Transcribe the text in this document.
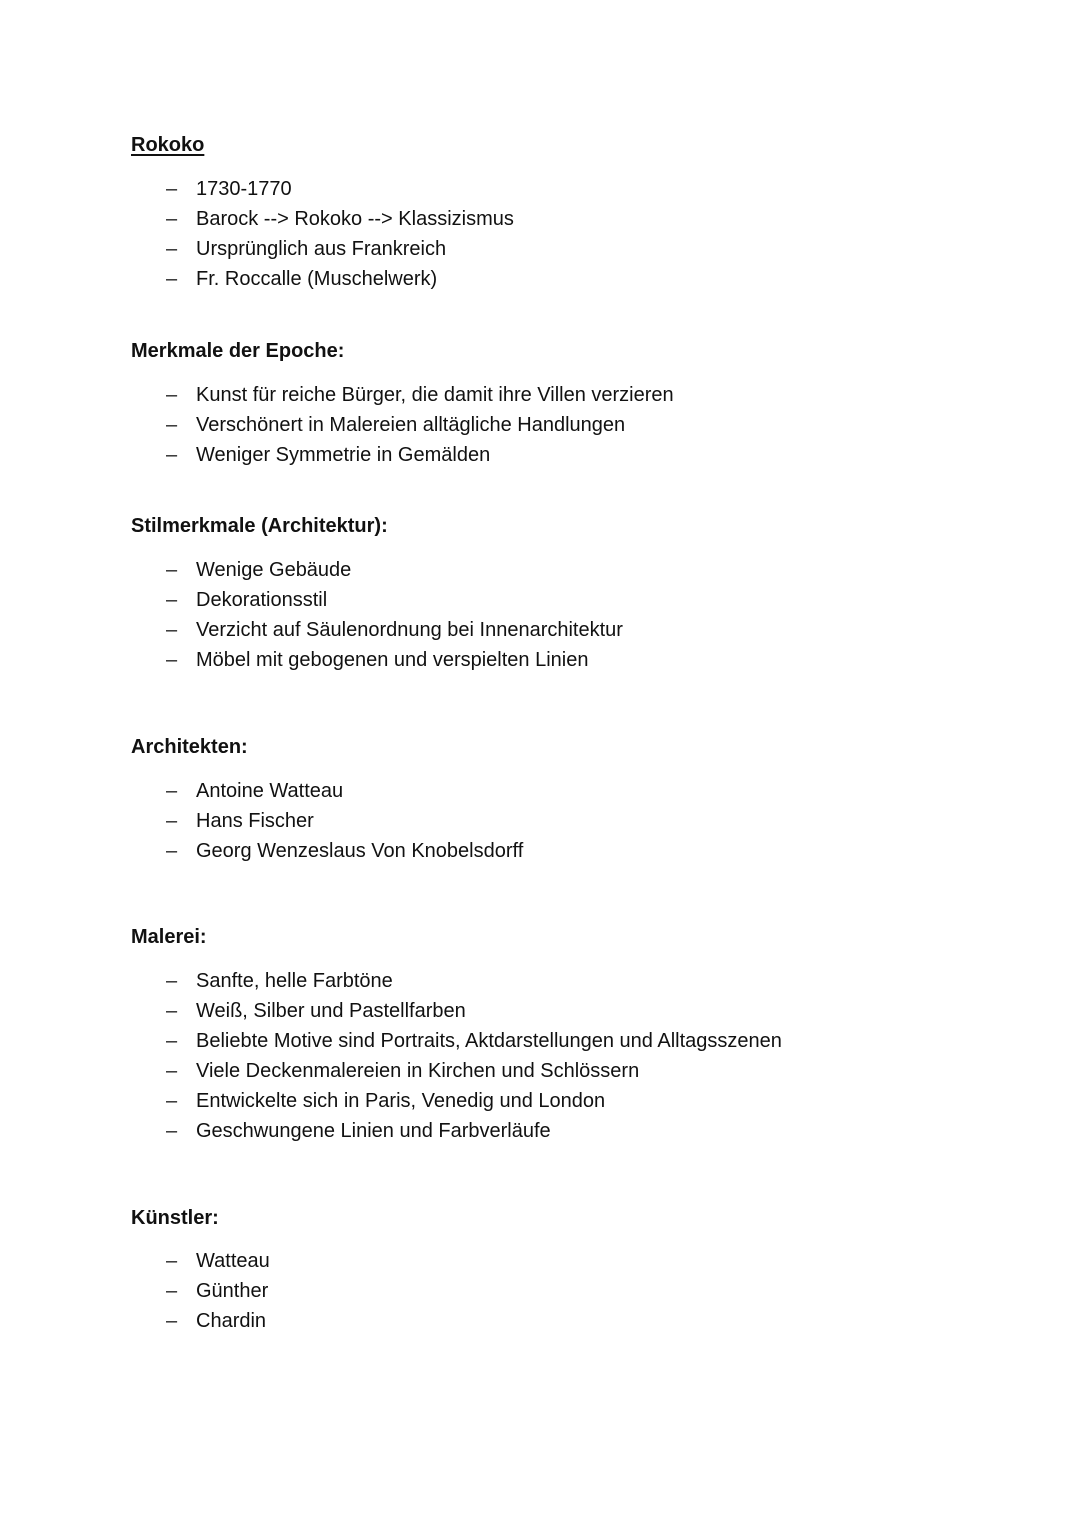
Rokoko
– 1730-1770
– Barock --> Rokoko --> Klassizismus
– Ursprünglich aus Frankreich
– Fr. Roccalle (Muschelwerk)
Merkmale der Epoche:
– Kunst für reiche Bürger, die damit ihre Villen verzieren
– Verschönert in Malereien alltägliche Handlungen
– Weniger Symmetrie in Gemälden
Stilmerkmale (Architektur):
– Wenige Gebäude
– Dekorationsstil
– Verzicht auf Säulenordnung bei Innenarchitektur
– Möbel mit gebogenen und verspielten Linien
Architekten:
– Antoine Watteau
– Hans Fischer
– Georg Wenzeslaus Von Knobelsdorff
Malerei:
– Sanfte, helle Farbtöne
– Weiß, Silber und Pastellfarben
– Beliebte Motive sind Portraits, Aktdarstellungen und Alltagsszenen
– Viele Deckenmalereien in Kirchen und Schlössern
– Entwickelte sich in Paris, Venedig und London
– Geschwungene Linien und Farbverläufe
Künstler:
– Watteau
– Günther
– Chardin
